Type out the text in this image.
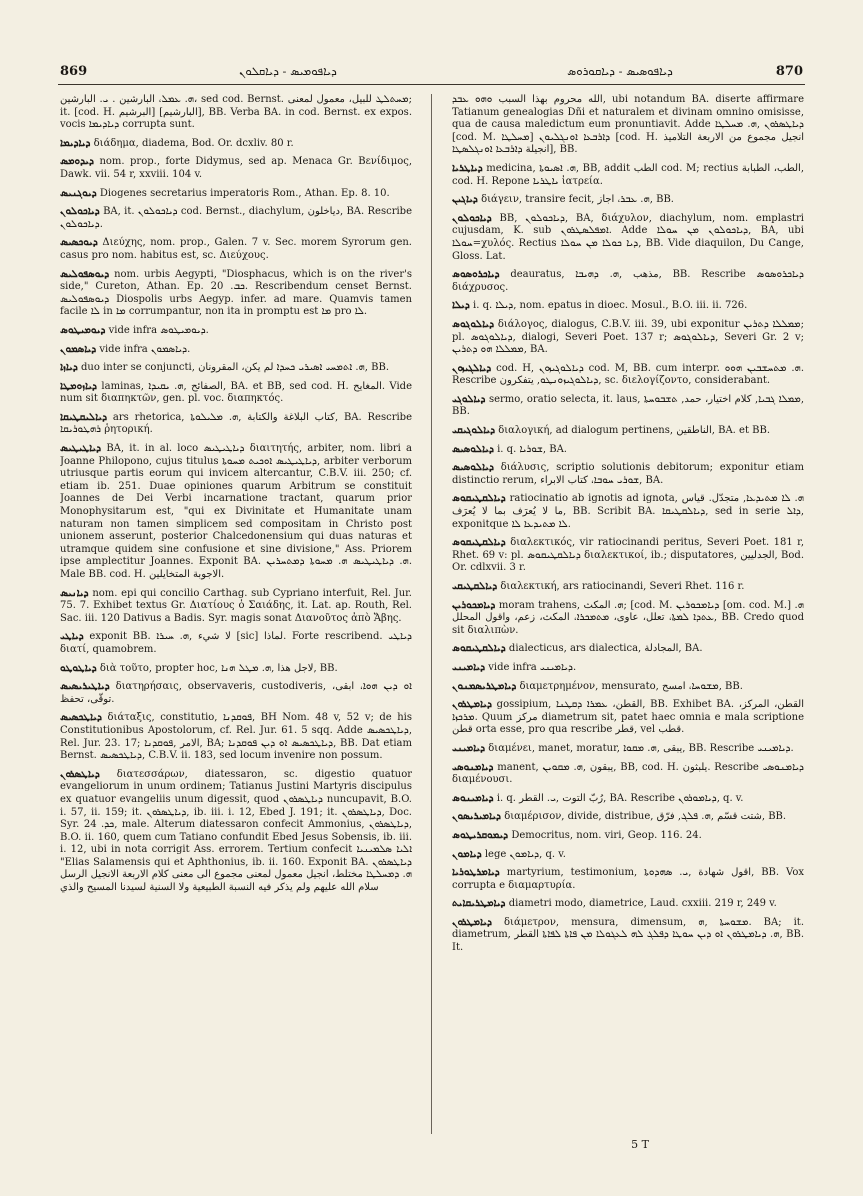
869	ܕܝܐܦܘܡܝܣ - ܕܝܐܩܠܘܢ	ܕܝܐܦܘܣܝܣ - ܕܝܐܩܘܪܘܣ	870

ܗ. ܥܡܠ، البارشين . ܝ. البارشين، sed cod. Bernst. ܡܚܬܠܛ للبيل، معمول لمعنى; it. [cod. H. البرشيم] [البارشيم], BB. Verba BA. in cod. Bernst. ex expos. vocis ܕܝܐܕܝܡܐ corrupta sunt.

ܕܝܐܕܝܡܐ διάδημα, diadema, Bod. Or. dcxliv. 80 r.

ܕܝܕܘܡܣ nom. prop., forte Didymus, sed ap. Menaca Gr. Βενίδιμος, Dawk. vii. 54 r, xxviii. 104 v.

ܕܝܘܓܢܝܣ Diogenes secretarius imperatoris Rom., Athan. Ep. 8. 10.

ܕܝܐܟܘܠܘܢ BA, it. ܕܝܐܟܘܠܘܢ cod. Bernst., diachylum, دياخلون, BA. Rescribe ܕܝܐܟܘܠܘܢ.

ܕܝܘܟܣܝܣ Διεύχης, nom. prop., Galen. 7 v. Sec. morem Syrorum gen. casus pro nom. habitus est, sc. Διεύχους.

ܕܝܘܣܦܘܠܝܣ nom. urbis Aegypti, "Diosphacus, which is on the river's side," Cureton, Athan. Ep. ܟܒ. 20. Rescribendum censet Bernst. ܕܝܘܣܦܘܠܝܣ Diospolis urbs Aegyp. infer. ad mare. Quamvis tamen facile ܠܐ in ܡܐ corrumpantur, non ita in promptu est ܡܐ pro ܠܐ.

ܕܝܘܡܝܛܘܣ vide infra ܕܝܘܡܝܛܘܣ.

ܕܝܐܣܡܘܢ vide infra ܕܝܐܣܡܘܢ.

ܕܝܐܙܐ duo inter se conjuncti, ܗ. ܐܬܡܚܝ ܐܣܝܪܝ ܟܚܕܐ لم يكن، المقرونان, BB.

ܕܝܐܙܘܡܛܐ laminas, الصفائح ,ܗ. ܝܩܝܕܐ, BA. et BB, sed cod. H. المغايح. Vide num sit διαπηκτῶν, gen. pl. voc. διαπηκτός.

ܕܝܐܠܝܩܛܝܩܐ ars rhetorica, كتاب البلاغة والكتابة ,ܗ. ܡܠܝܠܘܬܐ, BA. Rescribe ܪܗܛܘܪܝܩܐ ῥητορική.

ܕܝܐܛܝܛܝܣ BA, it. in al. loco ܕܝܐܛܝܛܝܣ διαιτητής, arbiter, nom. libri a Joanne Philopono, cujus titulus ܕܝܐܛܝܛܝܣ ܐܘܟܝܬ ܡܚܘܬܐ, arbiter verborum utriusque partis eorum qui invicem altercantur, C.B.V. iii. 250; cf. etiam ib. 251. Duae opiniones quarum Arbitrum se constituit Joannes de Dei Verbi incarnatione tractant, quarum prior Monophysitarum est, "qui ex Divinitate et Humanitate unam naturam non tamen simplicem sed compositam in Christo post unionem asserunt, posterior Chalcedonensium qui duas naturas et utramque quidem sine confusione et sine divisione," Ass. Priorem ipse amplectitur Joannes. Exponit BA. ܗ. ܕܝܐܛܝܛܝܣ ܗ. ܡܚܘܬܐ ܕܡܬܚܪܝܢ. Male BB. cod. H. الاجوبة المتخايلين.

ܕܝܐܢܝܣ nom. epi qui concilio Carthag. sub Cypriano interfuit, Rel. Jur. 75. 7. Exhibet textus Gr. Διατίους ὁ Σαιάδης, it. Lat. ap. Routh, Rel. Sac. iii. 120 Dativus a Badis. Syr. magis sonat Διανοῦτος ἀπὸ Ἄβης.

ܕܝܐܛܝ exponit BB. لا شيء ,ܗ. ܚܝܪܐ [sic] لماذا. Forte rescribend. ܕܝܐܛܝ διατί, quamobrem.

ܕܝܐܛܘܛܘ διὰ τοῦτο, propter hoc, لاجل هذا ,ܗ. ܡܛܠ ܗܢܐ, BB.

ܕܝܐܛܝܪܝܣܝܣ διατηρήσαις, observaveris, custodiveris, ܐܘ ܕܝܢ ܗܘܐ، ابقى، توقّى، تحفظ.

ܕܝܐܛܟܣܝܣ διάταξις, constitutio, ܦܘܩܕܢܐ, BH Nom. 48 v, 52 v; de his Constitutionibus Apostolorum, cf. Rel. Jur. 61. 5 sqq. Adde ܕܝܐܛܟܣܝܣ, Rel. Jur. 23. 17; الامر ,ܦܘܩܕܢܐ, BA; ܕܝܐܛܟܣܝܣ ܐܘ ܕܝܢ ܦܘܩܕܢܐ, BB. Dat etiam Bernst. ܕܝܐܛܟܣܝܣ, C.B.V. ii. 183, sed locum invenire non possum.

ܕܝܐܛܣܪܘܢ διατεσσάρων, diatessaron, sc. digestio quatuor evangeliorum in unum ordinem; Tatianus Justini Martyris discipulus ex quatuor evangeliis unum digessit, quod ܕܝܐܛܣܪܘܢ nuncupavit, B.O. i. 57, ii. 159; it. ܕܝܐܛܣܪܘܢ, ib. iii. i. 12, Ebed J. 191; it. ܕܝܐܛܣܪܘܢ, Doc. Syr. ܟܕ. 24, male. Alterum diatessaron confecit Ammonius, ܕܝܐܛܣܪܘܢ, B.O. ii. 160, quem cum Tatiano confundit Ebed Jesus Sobensis, ib. iii. i. 12, ubi in nota corrigit Ass. errorem. Tertium confecit ܐܠܝܐ ܣܠܡܝܢܝܐ "Elias Salamensis qui et Aphthonius, ib. ii. 160. Exponit BA. ܕܝܐܛܣܪܘܢ ܗ. ܕܡܚܠܛܐ مختلط، انجيل معمول لمعنى مجموع الى معنى كلام الاربعة الانجيل الرسل سلام الله عليهم ولم يذكر فيه النسبة الطبيعية ولا السنية لسيدنا المسيح والذي

الله محروم بهذا السبب ܘܗܘ ܥܒܕ, ubi notandum BA. diserte affirmare Tatianum genealogias Dñi et naturalem et divinam omnino omisisse, qua de causa maledictum eum pronuntiavit. Adde ܕܝܐܛܣܪܘܢ ,ܗ. ܡܚܠܛܐ [cod. M. ܡܚܠܛܐ] ܕܐܪܒܥܐ ܐܘܢܓܠܝܘܢ [cod. H. انجيل مجموع من الاربعة التلاميذ [انجيلة ܕܐܪܒܥܐ ܐܘܢܓܠܣܛܐ, BB.

ܕܝܐܛܪܝܐ medicina, ܗ. ܐܣܝܘܬܐ, BB, addit الطب cod. M; rectius الطب، الطبابة, cod. H. Repone ܝܐܛܪܝܐ ἰατρεία.

ܕܝܐܓܝܢ διάγειν, transire fecit, ܗ. ܥܒܪ، اجاز, BB.

ܕܝܐܟܘܠܘܢ BB, ܕܝܐܟܘܠܘܢ, BA, διάχυλον, diachylum, nom. emplastri cujusdam, K. sub ܐܡܦܠܣܛܪܘܢ. Adde ܕܝܐܟܘܠܘܢ ܡܢ ܚܘܠܐ, BA, ubi ܚܘܠܐ=χυλός. Rectius ܕܝܐ ܟܘܠܐ ܡܢ ܚܘܠܐ, BB. Vide diaquilon, Du Cange, Gloss. Lat.

ܕܝܐܟܪܘܣܘܣ deauratus, مذهب ,ܗ. ܕܗܝܒܐ, BB. Rescribe ܕܝܐܟܪܘܣܘܣ διάχρυσος.

ܕܝܠܐ i. q. ܕܝܠܐ, nom. epatus in dioec. Mosul., B.O. iii. ii. 726.

ܕܝܐܠܘܓܘܣ διάλογος, dialogus, C.B.V. iii. 39, ubi exponitur ܡܡܠܠܐ ܕܬܪܝܢ; pl. ܕܝܐܠܘܓܘܣ, dialogi, Severi Poet. 137 r; ܕܝܐܠܘܓܘܣ, Severi Gr. 2 v; ܡܡܠܠܐ ܗܘ ܕܬܪܝܢ, BA.

ܕܝܐܠܓܝܙܘܢ cod. H, ܕܝܐܠܘܓܝܙܘܢ cod. M, BB. cum interpr. ܗ. ܡܬܚܫܒܝܢ ܗܘܘ. Rescribe ܕܝܐܠܘܓܝܙܘܢܛܘ, يتفكرون, sc. διελογίζοντο, considerabant.

ܕܝܐܠܘܓܝ sermo, oratio selecta, it. laus, ܡܡܠܐ ܓܒܝܐ, كلام اختيار، حمد, ܬܫܒܘܚܬܐ, BB.

ܕܝܐܠܘܓܝܩܝ διαλογική, ad dialogum pertinens, الناطقين, BA. et BB.

ܕܝܐܠܘܣܝܣ i. q. ܫܘܪܝܐ, BA.

ܕܝܐܠܘܣܝܣ διάλυσις, scriptio solutionis debitorum; exponitur etiam distinctio rerum, ܫܘܪܝ ܚܘܒܐ، كتاب الابراء, BA.

ܕܝܐܠܩܛܝܩܘܣ ratiocinatio ab ignotis ad ignota, ܗ. ܠܐ ܡܬܝܕܥܐ, متجدّل. قياس ما لا يُعرَف بما لا يُعرَف, BB. Scribit BA. ܕܝܐܠܩܛܝܩܐ, sed in serie ܕܐܠ, exponitque ܠܐ ܡܬܝܕܥܐ ܠܐ.

ܕܝܐܠܩܛܝܩܘܣ διαλεκτικός, vir ratiocinandi peritus, Severi Poet. 181 r, Rhet. 69 v: pl. ܕܝܐܠܩܛܝܩܘܣ διαλεκτικοί, ib.; disputatores, الجدليين, Bod. Or. cdlxvii. 3 r.

ܕܝܐܠܩܛܝܩܝ διαλεκτική, ars ratiocinandi, Severi Rhet. 116 r.

ܕܝܐܡܟܘܪܝܢ moram trahens, ܗ. المكث; [cod. M. ܕܝܐܡܟܘܪܝܢ [om. cod. M.] ܗ. ܥܬܕܐ ܠܡܬܐ، تعلل، عاوى، ܡܬܡܟܪܐ، المكث، زعم، واقول المحلل, BB. Credo quod sit διαλιπὼν.

ܕܝܐܠܩܛܝܩܘܣ dialecticus, ars dialectica, المجادلة, BA.

ܕܝܐܡܝܢܝ vide infra ܕܝܐܡܝܢܝ.

ܕܝܐܡܛܪܝܣܡܢܘܢ διαμετρημένον, mensurato, ܡܫܘܚܐ، امسح, BB.

ܕܝܐܡܛܪܘܢ gossipium, القطن، ܥܡܪܐ ܕܩܛܢܐ, BB. Exhibet BA. القطن، المركز، ܡܪܟܙܐ. Quum مركز diametrum sit, patet haec omnia e mala scriptione قطن orta esse, pro qua rescribe قطر, vel قطب.

ܕܝܐܡܝܢܝ διαμένει, manet, moratur, يبقى ,ܗ. ܡܩܘܐ, BB. Rescribe ܕܝܐܡܝܢܝ.

ܕܝܐܡܢܘܣܝ manent, يبقون ,ܗ. ܡܩܘܝܢ, BB, cod. H. يلبثون. Rescribe ܕܝܐܡܢܘܣܝ διαμένουσι.

ܕܝܐܡܝܢܘܣ i. q. رُبّ التوت ,ܝ. القطر, BA. Rescribe ܕܝܐܡܘܪܘܢ, q. v.

ܕܝܐܡܝܪܝܣܘܢ διαμέρισον, divide, distribue, شتت قسّم ,ܗ. ܦܠܓ, فرّق, BB.

ܕܝܡܘܩܪܝܛܘܣ Democritus, nom. viri, Geop. 116. 24.

ܕܝܐܡܘܢ lege ܕܝܐܡܘܢ, q. v.

ܕܝܐܡܪܛܘܪܝܐ martyrium, testimonium, اقول شهادة ,ܝ. ܣܗܕܘܬܐ, BB. Vox corrupta e διαμαρτυρία.

ܕܝܐܡܛܪܝܩܐܝܬ diametri modo, diametrice, Laud. cxxiii. 219 r, 249 v.

ܕܝܐܡܛܪܘܢ διάμετρον, mensura, dimensum, ܡܫܘܚܬܐ ,ܗ. BA; it. diametrum, ܗ. ܕܝܐܡܛܪܘܢ ܐܘ ܕܝܢ ܚܘܛܐ ܕܦܠܓ ܠܗ ܠܥܓܘܠܐ ܡܢ ܦܐܬܐ ܠܦܐܬܐ القطر, BB. It.

5 T
